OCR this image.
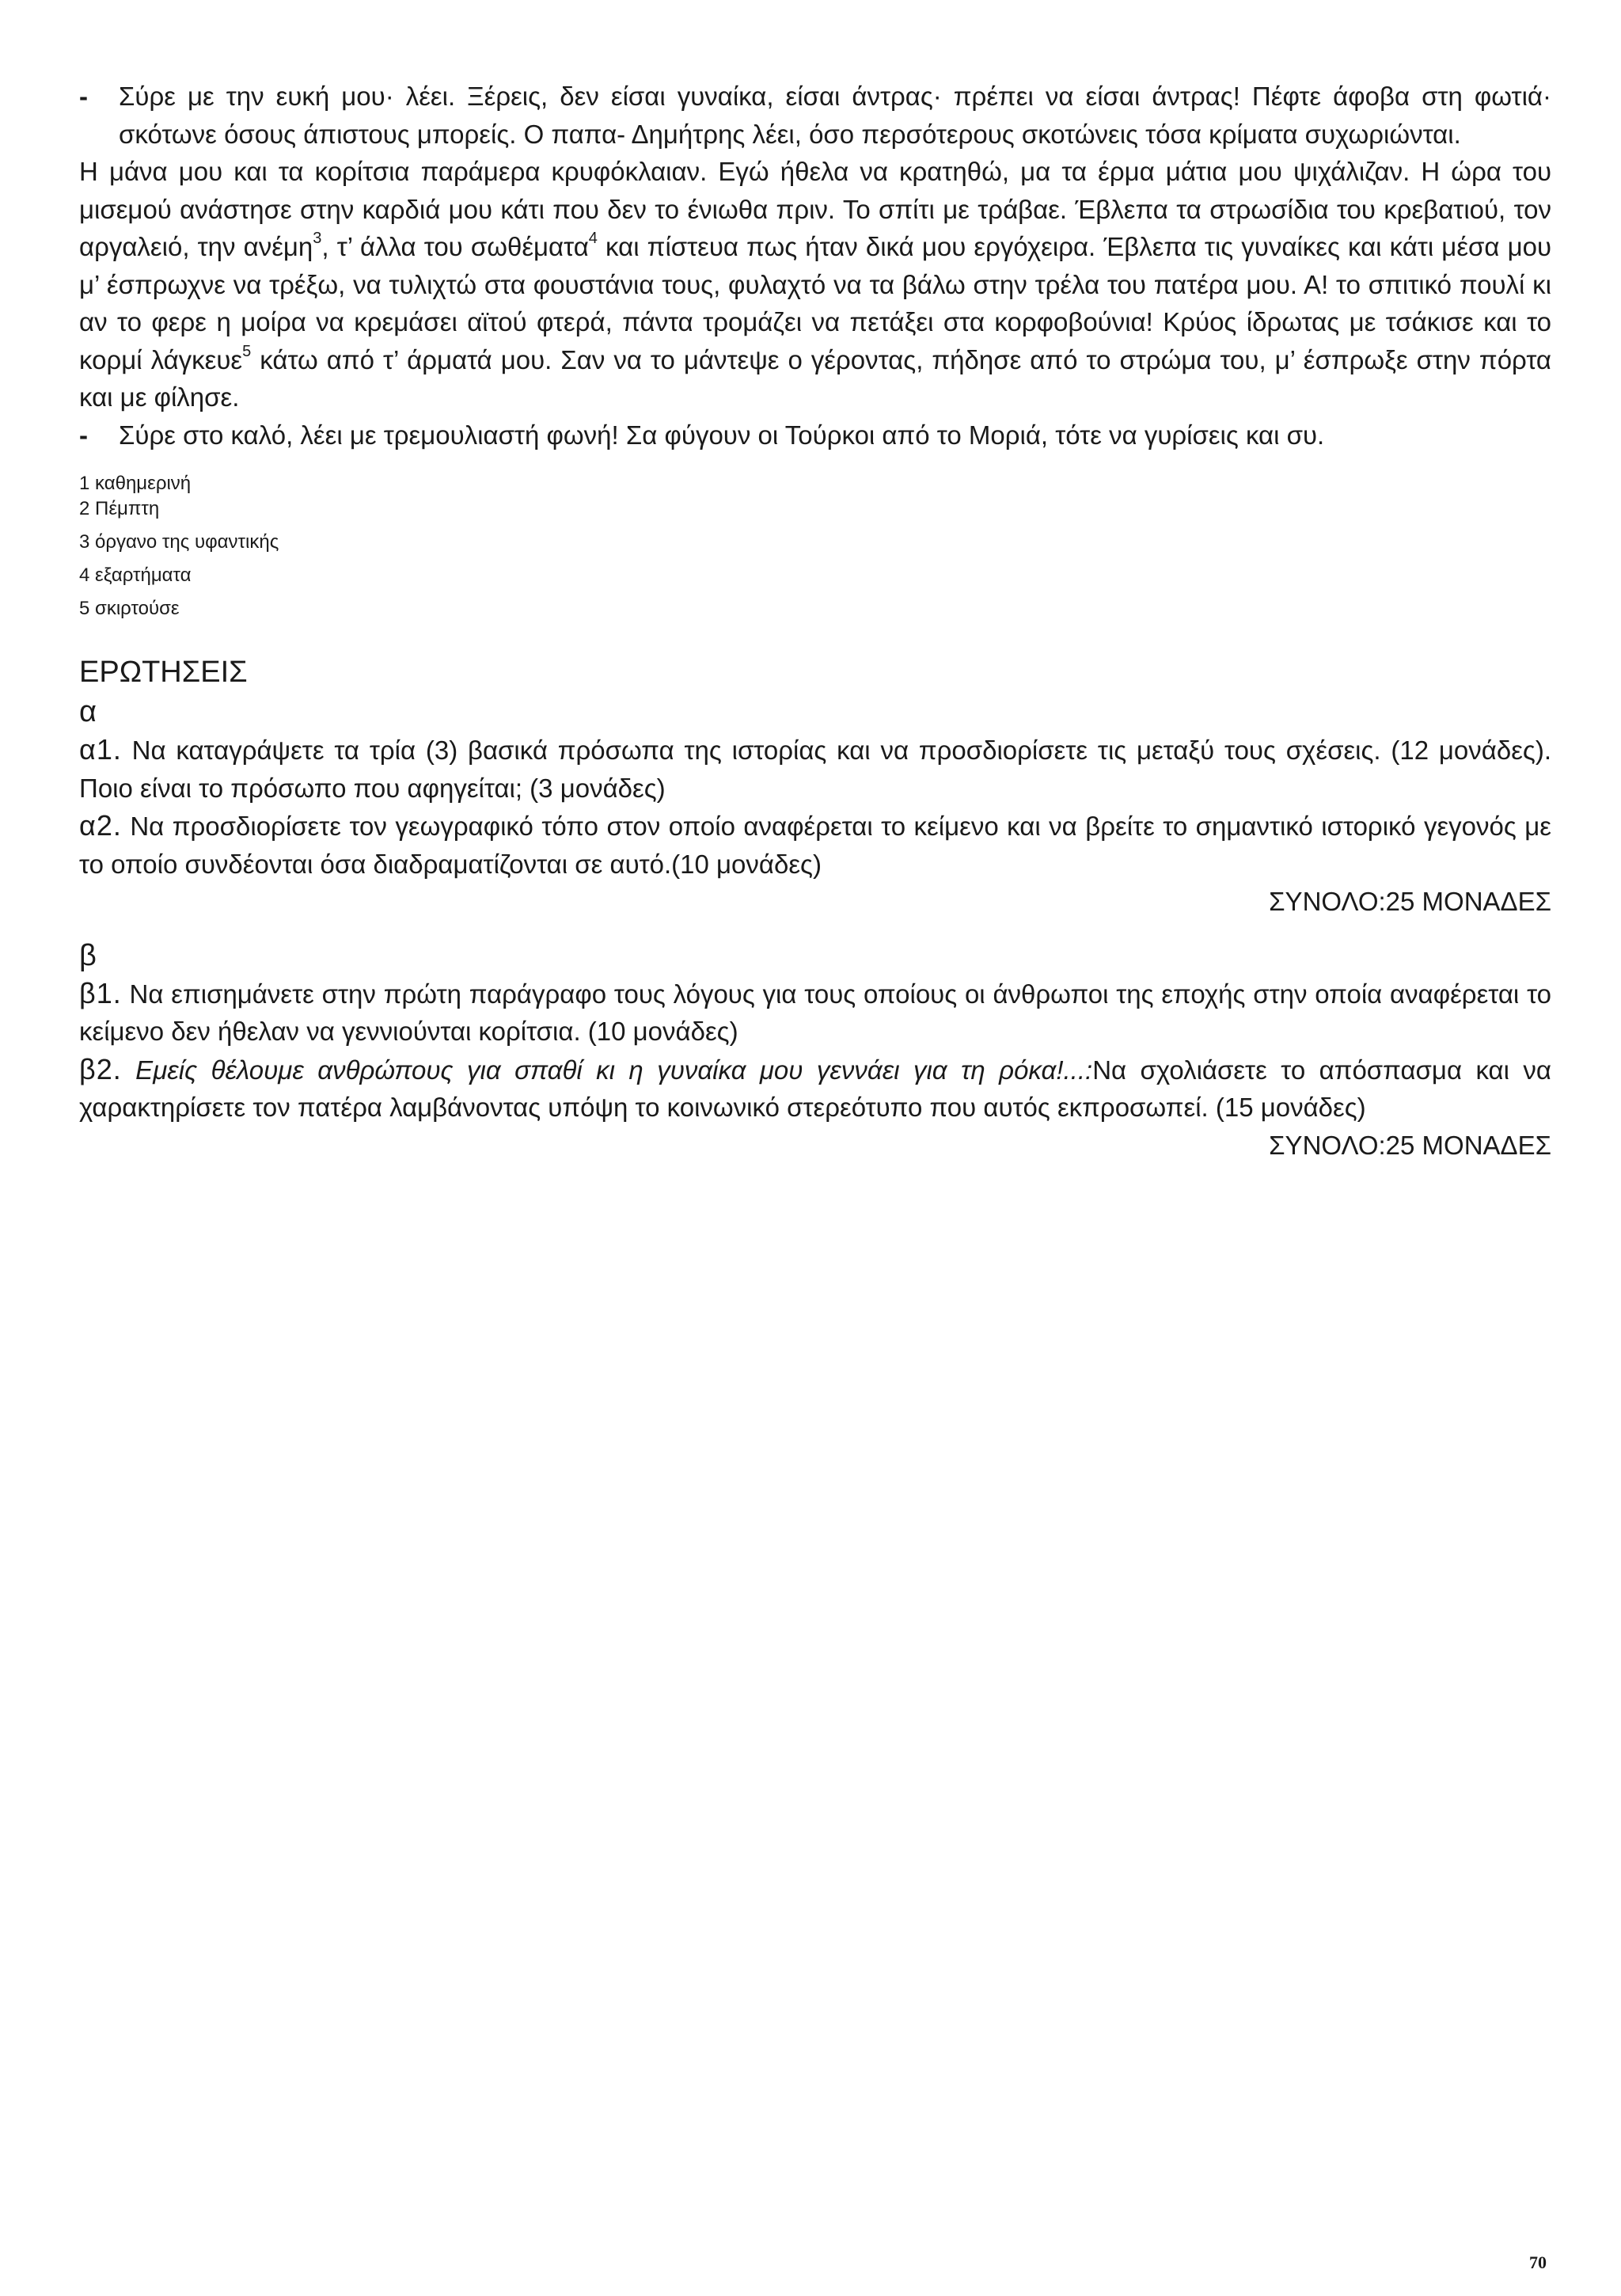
- Σύρε με την ευκή μου· λέει. Ξέρεις, δεν είσαι γυναίκα, είσαι άντρας· πρέπει να είσαι άντρας! Πέφτε άφοβα στη φωτιά· σκότωνε όσους άπιστους μπορείς. Ο παπα- Δημήτρης λέει, όσο περσότερους σκοτώνεις τόσα κρίματα συχωριώνται.

Η μάνα μου και τα κορίτσια παράμερα κρυφόκλαιαν. Εγώ ήθελα να κρατηθώ, μα τα έρμα μάτια μου ψιχάλιζαν. Η ώρα του μισεμού ανάστησε στην καρδιά μου κάτι που δεν το ένιωθα πριν. Το σπίτι με τράβαε. Έβλεπα τα στρωσίδια του κρεβατιού, τον αργαλειό, την ανέμη$^3$, τ’ άλλα του σωθέματα$^4$ και πίστευα πως ήταν δικά μου εργόχειρα. Έβλεπα τις γυναίκες και κάτι μέσα μου μ’ έσπρωχνε να τρέξω, να τυλιχτώ στα φουστάνια τους, φυλαχτό να τα βάλω στην τρέλα του πατέρα μου. Α! το σπιτικό πουλί κι αν το φερε η μοίρα να κρεμάσει αϊτού φτερά, πάντα τρομάζει να πετάξει στα κορφοβούνια! Κρύος ίδρωτας με τσάκισε και το κορμί λάγκευε$^5$ κάτω από τ’ άρματά μου. Σαν να το μάντεψε ο γέροντας, πήδησε από το στρώμα του, μ’ έσπρωξε στην πόρτα και με φίλησε.

- Σύρε στο καλό, λέει με τρεμουλιαστή φωνή! Σα φύγουν οι Τούρκοι από το Μοριά, τότε να γυρίσεις και συ.

1 καθημερινή
2 Πέμπτη
3 όργανο της υφαντικής
4 εξαρτήματα
5 σκιρτούσε
ΕΡΩΤΗΣΕΙΣ
α

α1. Να καταγράψετε τα τρία (3) βασικά πρόσωπα της ιστορίας και να προσδιορίσετε τις μεταξύ τους σχέσεις. (12 μονάδες). Ποιο είναι το πρόσωπο που αφηγείται; (3 μονάδες)

α2. Να προσδιορίσετε τον γεωγραφικό τόπο στον οποίο αναφέρεται το κείμενο και να βρείτε το σημαντικό ιστορικό γεγονός με το οποίο συνδέονται όσα διαδραματίζονται σε αυτό.(10 μονάδες)

ΣΥΝΟΛΟ:25 ΜΟΝΑΔΕΣ

β

β1. Να επισημάνετε στην πρώτη παράγραφο τους λόγους για τους οποίους οι άνθρωποι της εποχής στην οποία αναφέρεται το κείμενο δεν ήθελαν να γεννιούνται κορίτσια. (10 μονάδες)

β2. Εμείς θέλουμε ανθρώπους για σπαθί κι η γυναίκα μου γεννάει για τη ρόκα!...:Να σχολιάσετε το απόσπασμα και να χαρακτηρίσετε τον πατέρα λαμβάνοντας υπόψη το κοινωνικό στερεότυπο που αυτός εκπροσωπεί. (15 μονάδες)

ΣΥΝΟΛΟ:25 ΜΟΝΑΔΕΣ

70
